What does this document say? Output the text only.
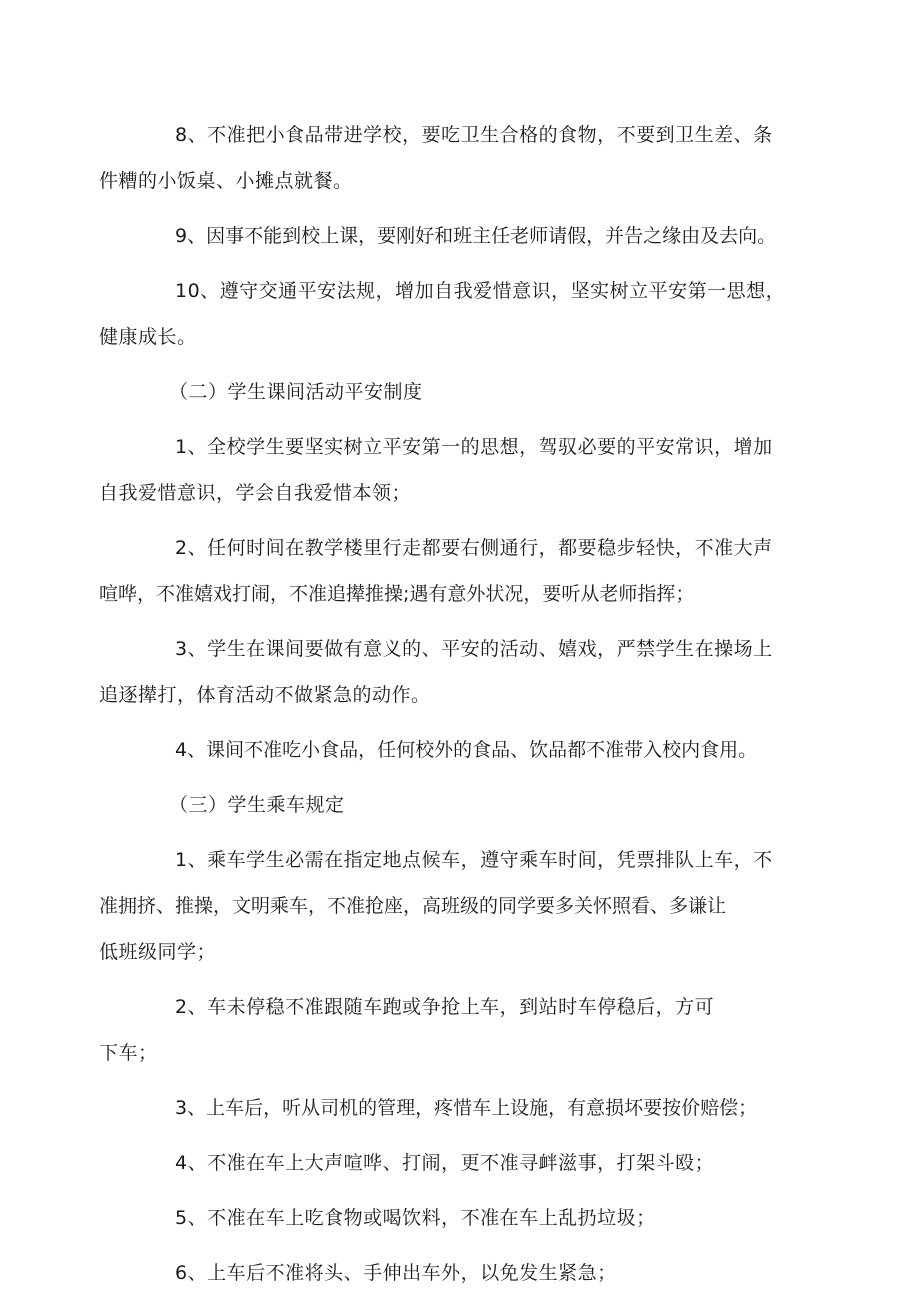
8、不准把小食品带进学校，要吃卫生合格的食物，不要到卫生差、条
件糟的小饭桌、小摊点就餐。

9、因事不能到校上课，要刚好和班主任老师请假，并告之缘由及去向。

10、遵守交通平安法规，增加自我爱惜意识，坚实树立平安第一思想，
健康成长。

（二）学生课间活动平安制度

1、全校学生要坚实树立平安第一的思想，驾驭必要的平安常识，增加
自我爱惜意识，学会自我爱惜本领；

2、任何时间在教学楼里行走都要右侧通行，都要稳步轻快，不准大声
喧哗，不准嬉戏打闹，不准追撵推操;遇有意外状况，要听从老师指挥；

3、学生在课间要做有意义的、平安的活动、嬉戏，严禁学生在操场上
追逐撵打，体育活动不做紧急的动作。

4、课间不准吃小食品，任何校外的食品、饮品都不准带入校内食用。

（三）学生乘车规定

1、乘车学生必需在指定地点候车，遵守乘车时间，凭票排队上车，不
准拥挤、推操，文明乘车，不准抢座，高班级的同学要多关怀照看、多谦让
低班级同学；

2、车未停稳不准跟随车跑或争抢上车，到站时车停稳后，方可
下车；

3、上车后，听从司机的管理，疼惜车上设施，有意损坏要按价赔偿；

4、不准在车上大声喧哗、打闹，更不准寻衅滋事，打架斗殴；

5、不准在车上吃食物或喝饮料，不准在车上乱扔垃圾；

6、上车后不准将头、手伸出车外，以免发生紧急；
